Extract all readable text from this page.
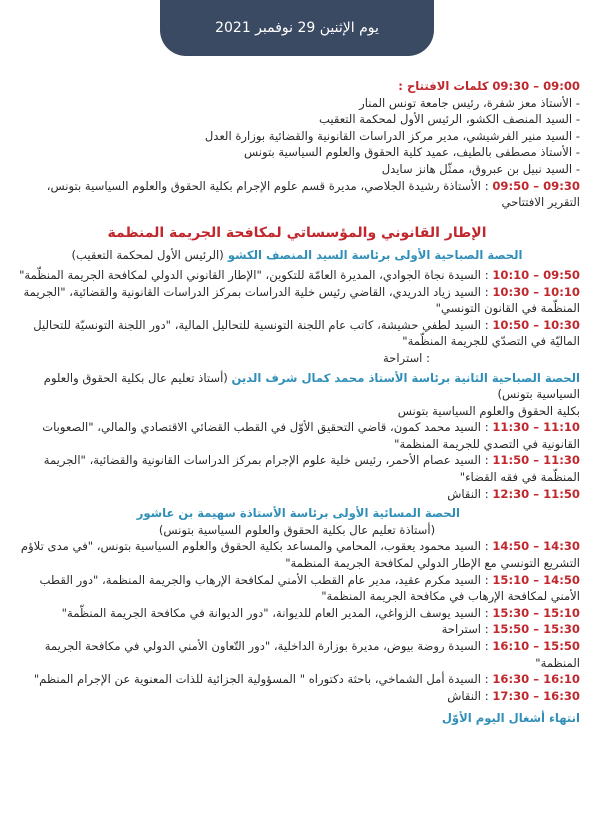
يوم الإثنين 29 نوفمبر 2021
09:00 – 09:30 كلمات الافتتاح :
- الأستاذ معز شفرة، رئيس جامعة تونس المنار
- السيد المنصف الكشو، الرئيس الأول لمحكمة التعقيب
- السيد منير الفرشيشي، مدير مركز الدراسات القانونية والقضائية بوزارة العدل
- الأستاذ مصطفى بالطيف، عميد كلية الحقوق والعلوم السياسية بتونس
- السيد نبيل بن عبروق، ممثّل هانز سايدل
09:30 – 09:50 : الأستاذة رشيدة الجلاصي، مديرة قسم علوم الإجرام بكلية الحقوق والعلوم السياسية بتونس، التقرير الافتتاحي
الإطار القانوني والمؤسساتي لمكافحة الجريمة المنظمة
الحصة الصباحية الأولى برئاسة السيد المنصف الكشو (الرئيس الأول لمحكمة التعقيب)
09:50 – 10:10 : السيدة نجاة الجوادي، المديرة العامّة للتكوين، "الإطار القانوني الدولي لمكافحة الجريمة المنظّمة"
10:10 – 10:30 : السيد زياد الدريدي، القاضي رئيس خلية الدراسات بمركز الدراسات القانونية والقضائية، "الجريمة المنظّمة في القانون التونسي"
10:30 – 10:50 : السيد لطفي حشيشة، كاتب عام اللجنة التونسية للتحاليل المالية، "دور اللجنة التونسيّة للتحاليل الماليّة في التصدّي للجريمة المنظّمة"
: استراحة
الحصة الصباحية الثانية برئاسة الأستاذ محمد كمال شرف الدين (أستاذ تعليم عال بكلية الحقوق والعلوم السياسية بتونس)
بكلية الحقوق والعلوم السياسية بتونس
11:10 – 11:30 : السيد محمد كمون، قاضي التحقيق الأوّل في القطب القضائي الاقتصادي والمالي، "الصعوبات القانونية في التصدي للجريمة المنظمة"
11:30 – 11:50 : السيد عصام الأحمر، رئيس خلية علوم الإجرام بمركز الدراسات القانونية والقضائية، "الجريمة المنظّمة في فقه القضاء"
11:50 – 12:30 : النقاش
الحصة المسائية الأولى برئاسة الأستاذة سهيمة بن عاشور
(أستاذة تعليم عال بكلية الحقوق والعلوم السياسية بتونس)
14:30 – 14:50 : السيد محمود يعقوب، المحامي والمساعد بكلية الحقوق والعلوم السياسية بتونس، "في مدى تلاؤم التشريع التونسي مع الإطار الدولي لمكافحة الجريمة المنظمة"
14:50 – 15:10 : السيد مكرم عقيد، مدير عام القطب الأمني لمكافحة الإرهاب والجريمة المنظمة، "دور القطب الأمني لمكافحة الإرهاب في مكافحة الجريمة المنظمة"
15:10 – 15:30 : السيد يوسف الزواغي، المدير العام للديوانة، "دور الديوانة في مكافحة الجريمة المنظّمة"
15:30 – 15:50 : استراحة
15:50 – 16:10 : السيدة روضة بيوض، مديرة بوزارة الداخلية، "دور التّعاون الأمني الدولي في مكافحة الجريمة المنظمة"
16:10 – 16:30 : السيدة أمل الشماخي، باحثة دكتوراه " المسؤولية الجزائية للذات المعنوية عن الإجرام المنظم"
16:30 – 17:30 : النقاش
انتهاء أشغال اليوم الأوّل
